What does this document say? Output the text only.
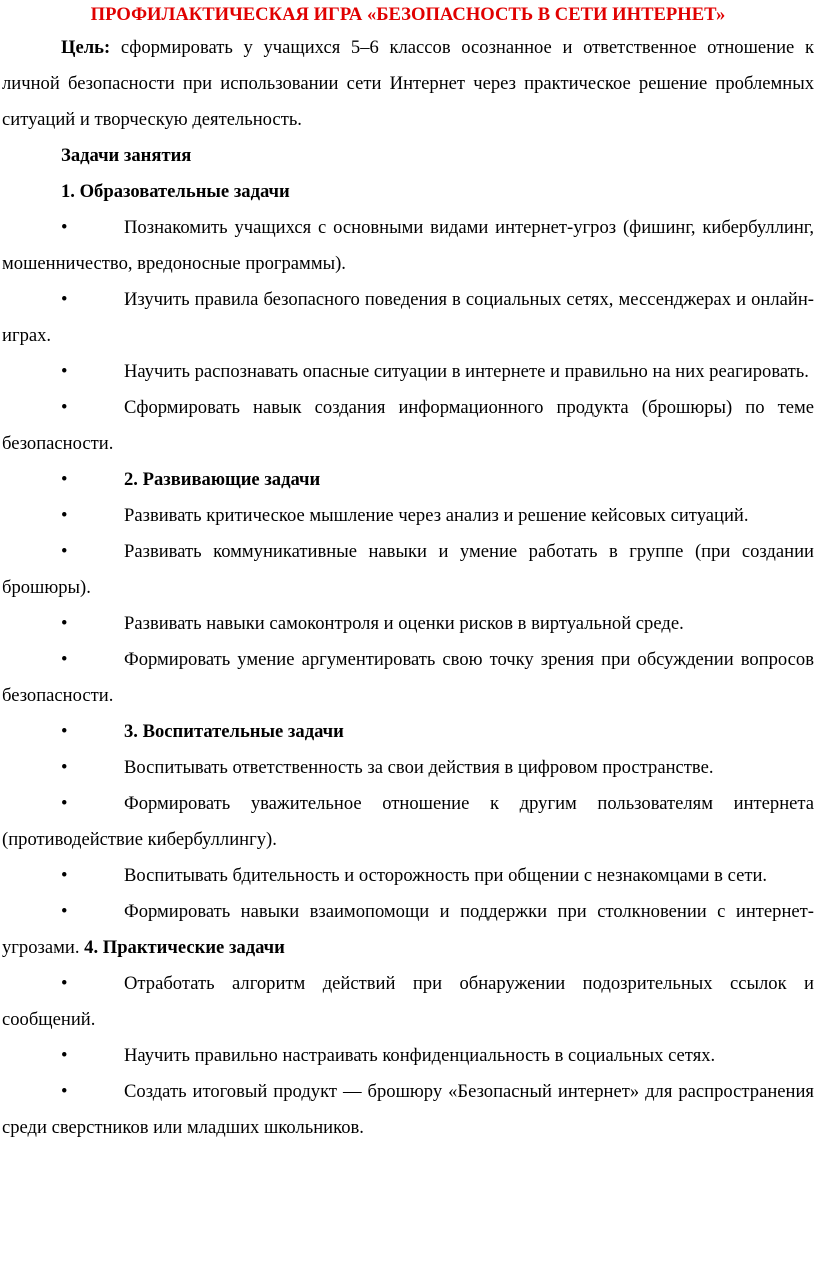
ПРОФИЛАКТИЧЕСКАЯ ИГРА «БЕЗОПАСНОСТЬ В СЕТИ ИНТЕРНЕТ»

Цель: сформировать у учащихся 5–6 классов осознанное и ответственное отношение к личной безопасности при использовании сети Интернет через практическое решение проблемных ситуаций и творческую деятельность.

Задачи занятия

1. Образовательные задачи

•	Познакомить учащихся с основными видами интернет-угроз (фишинг, кибербуллинг, мошенничество, вредоносные программы).

•	Изучить правила безопасного поведения в социальных сетях, мессенджерах и онлайн-играх.

•	Научить распознавать опасные ситуации в интернете и правильно на них реагировать.

•	Сформировать навык создания информационного продукта (брошюры) по теме безопасности.

•	2. Развивающие задачи

•	Развивать критическое мышление через анализ и решение кейсовых ситуаций.

•	Развивать коммуникативные навыки и умение работать в группе (при создании брошюры).

•	Развивать навыки самоконтроля и оценки рисков в виртуальной среде.

•	Формировать умение аргументировать свою точку зрения при обсуждении вопросов безопасности.

•	3. Воспитательные задачи

•	Воспитывать ответственность за свои действия в цифровом пространстве.

•	Формировать уважительное отношение к другим пользователям интернета (противодействие кибербуллингу).

•	Воспитывать бдительность и осторожность при общении с незнакомцами в сети.

•	Формировать навыки взаимопомощи и поддержки при столкновении с интернет-угрозами. 4. Практические задачи

•	Отработать алгоритм действий при обнаружении подозрительных ссылок и сообщений.

•	Научить правильно настраивать конфиденциальность в социальных сетях.

•	Создать итоговый продукт — брошюру «Безопасный интернет» для распространения среди сверстников или младших школьников.
